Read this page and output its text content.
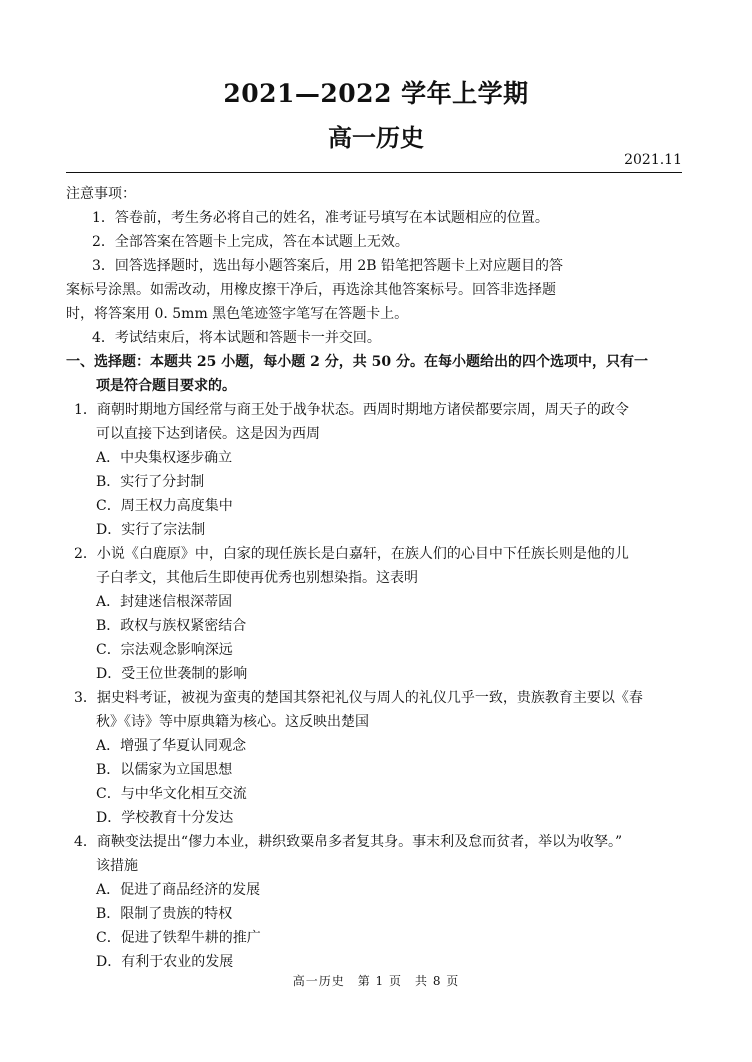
2021—2022 学年上学期
高一历史
2021.11
注意事项：
1．答卷前，考生务必将自己的姓名，准考证号填写在本试题相应的位置。
2．全部答案在答题卡上完成，答在本试题上无效。
3．回答选择题时，选出每小题答案后，用 2B 铅笔把答题卡上对应题目的答
案标号涂黑。如需改动，用橡皮擦干净后，再选涂其他答案标号。回答非选择题
时，将答案用 0. 5mm 黑色笔迹签字笔写在答题卡上。
4．考试结束后，将本试题和答题卡一并交回。
一、选择题：本题共 25 小题，每小题 2 分，共 50 分。在每小题给出的四个选项中，只有一
项是符合题目要求的。
1．商朝时期地方国经常与商王处于战争状态。西周时期地方诸侯都要宗周，周天子的政令
可以直接下达到诸侯。这是因为西周
A．中央集权逐步确立
B．实行了分封制
C．周王权力高度集中
D．实行了宗法制
2．小说《白鹿原》中，白家的现任族长是白嘉轩，在族人们的心目中下任族长则是他的儿
子白孝文，其他后生即使再优秀也别想染指。这表明
A．封建迷信根深蒂固
B．政权与族权紧密结合
C．宗法观念影响深远
D．受王位世袭制的影响
3．据史料考证，被视为蛮夷的楚国其祭祀礼仪与周人的礼仪几乎一致，贵族教育主要以《春
秋》《诗》等中原典籍为核心。这反映出楚国
A．增强了华夏认同观念
B．以儒家为立国思想
C．与中华文化相互交流
D．学校教育十分发达
4．商鞅变法提出“僇力本业，耕织致粟帛多者复其身。事末利及怠而贫者，举以为收孥。”
该措施
A．促进了商品经济的发展
B．限制了贵族的特权
C．促进了铁犁牛耕的推广
D．有利于农业的发展
高一历史　第 1 页　共 8 页
